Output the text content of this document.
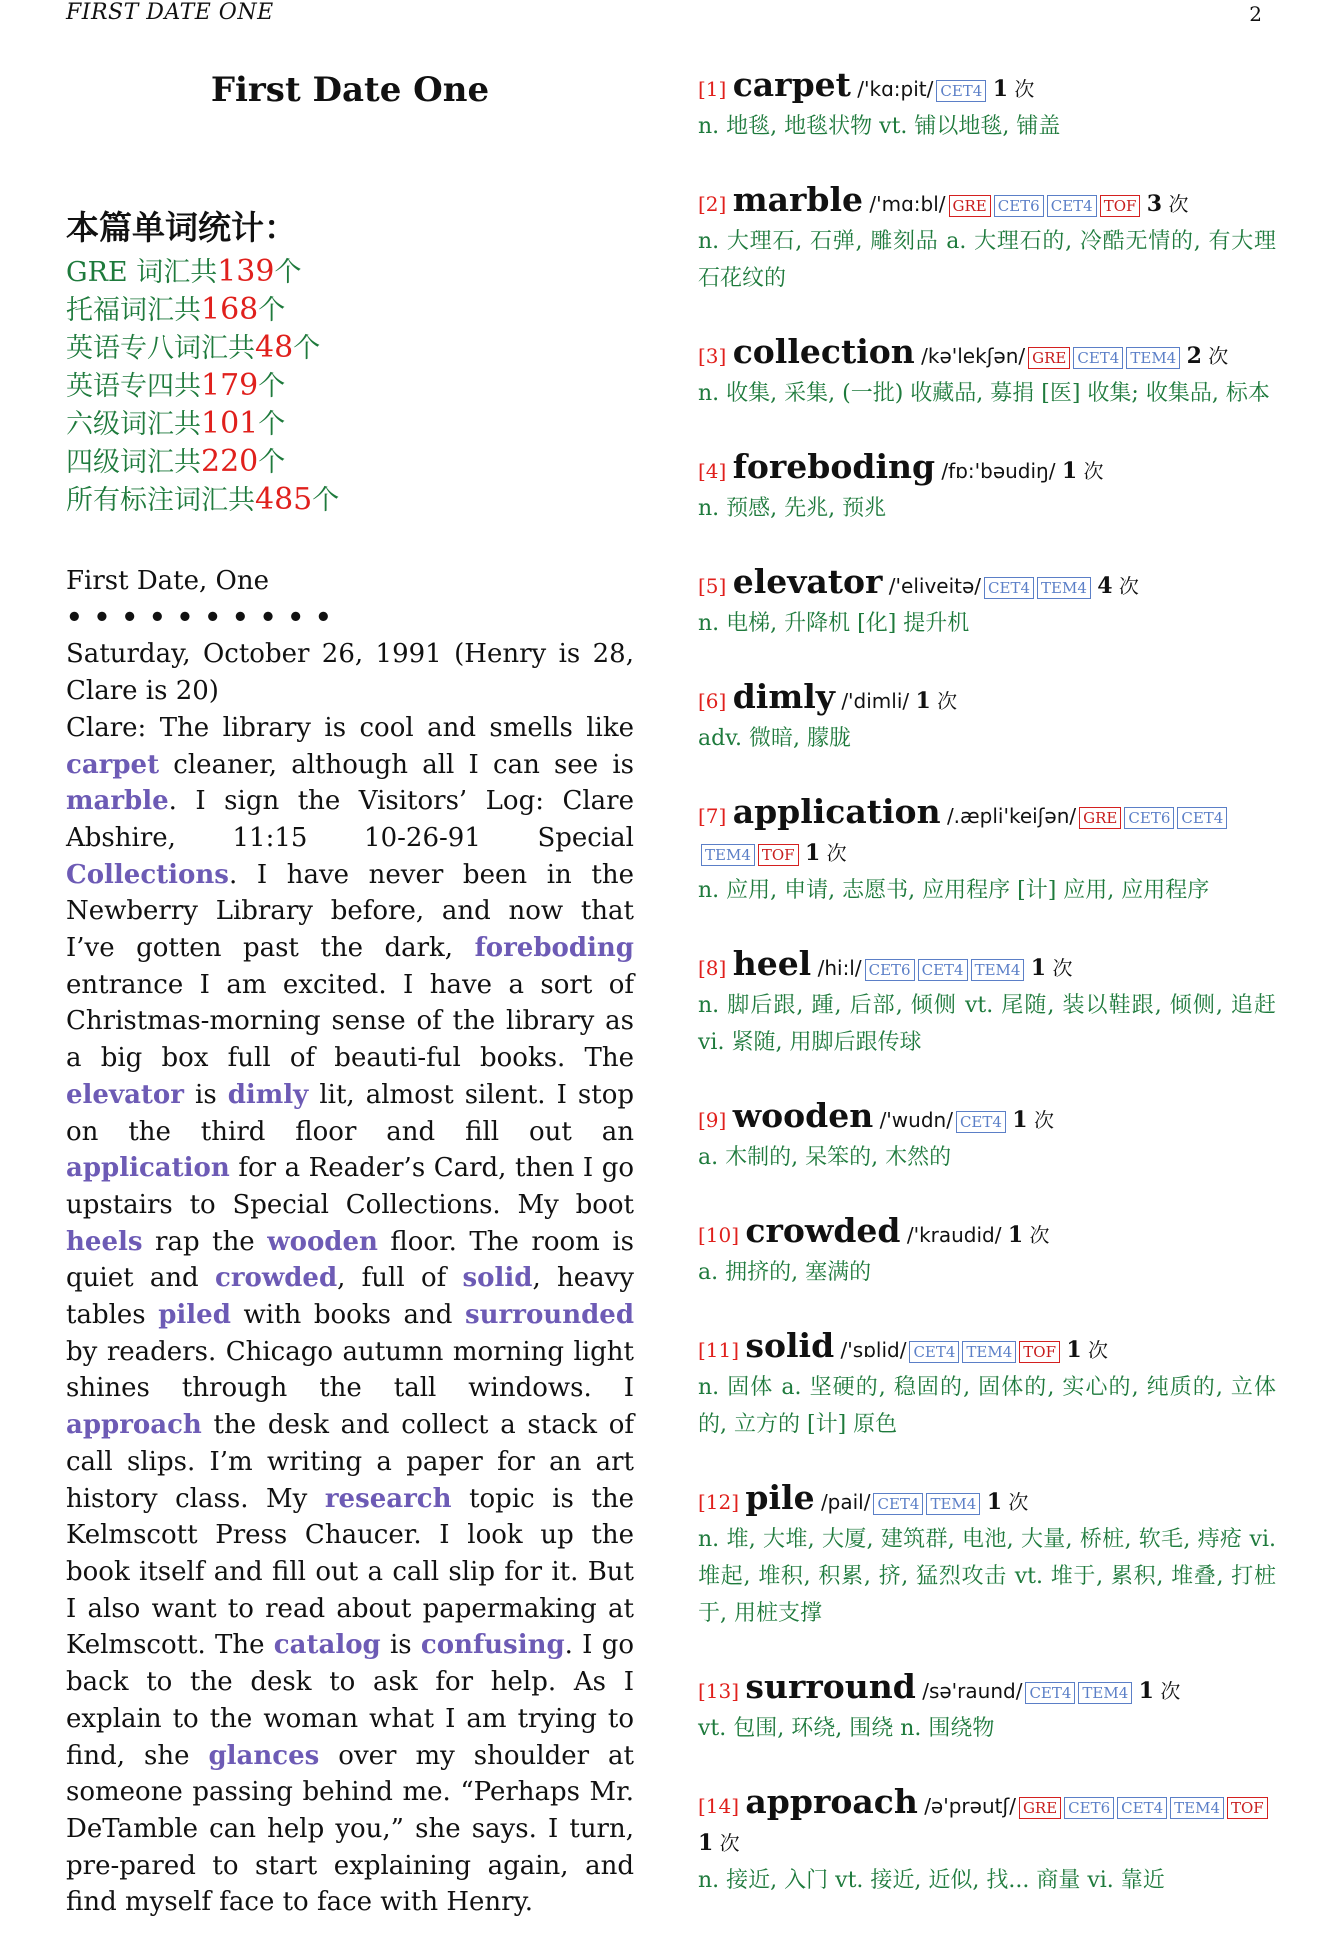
FIRST DATE ONE	2
First Date One
本篇单词统计：
GRE 词汇共139个
托福词汇共168个
英语专八词汇共48个
英语专四共179个
六级词汇共101个
四级词汇共220个
所有标注词汇共485个

First Date, One

• • • • • • • • • •

Saturday, October 26, 1991 (Henry is 28, Clare is 20)

Clare: The library is cool and smells like carpet cleaner, although all I can see is marble. I sign the Visitors’ Log: Clare Abshire, 11:15 10-26-91 Special Collections. I have never been in the Newberry Library before, and now that I’ve gotten past the dark, foreboding entrance I am excited. I have a sort of Christmas-morning sense of the library as a big box full of beauti-ful books. The elevator is dimly lit, almost silent. I stop on the third floor and fill out an application for a Reader’s Card, then I go upstairs to Special Collections. My boot heels rap the wooden floor. The room is quiet and crowded, full of solid, heavy tables piled with books and surrounded by readers. Chicago autumn morning light shines through the tall windows. I approach the desk and collect a stack of call slips. I’m writing a paper for an art history class. My research topic is the Kelmscott Press Chaucer. I look up the book itself and fill out a call slip for it. But I also want to read about papermaking at Kelmscott. The catalog is confusing. I go back to the desk to ask for help. As I explain to the woman what I am trying to find, she glances over my shoulder at someone passing behind me. “Perhaps Mr. DeTamble can help you,” she says. I turn, pre-pared to start explaining again, and find myself face to face with Henry.

[1] carpet /'kɑ:pit/ CET4 1 次
n. 地毯, 地毯状物 vt. 铺以地毯, 铺盖
[2] marble /'mɑ:bl/ GRE CET6 CET4 TOF 3 次
n. 大理石, 石弹, 雕刻品 a. 大理石的, 冷酷无情的, 有大理石花纹的
[3] collection /kə'lekʃən/ GRE CET4 TEM4 2 次
n. 收集, 采集, (一批) 收藏品, 募捐 [医] 收集; 收集品, 标本
[4] foreboding /fɒ:'bəudiŋ/ 1 次
n. 预感, 先兆, 预兆
[5] elevator /'eliveitə/ CET4 TEM4 4 次
n. 电梯, 升降机 [化] 提升机
[6] dimly /'dimli/ 1 次
adv. 微暗, 朦胧
[7] application /.æpli'keiʃən/ GRE CET6 CET4TEM4 TOF 1 次
n. 应用, 申请, 志愿书, 应用程序 [计] 应用, 应用程序
[8] heel /hi:l/ CET6 CET4 TEM4 1 次
n. 脚后跟, 踵, 后部, 倾侧 vt. 尾随, 装以鞋跟, 倾侧, 追赶 vi. 紧随, 用脚后跟传球
[9] wooden /'wudn/ CET4 1 次
a. 木制的, 呆笨的, 木然的
[10] crowded /'kraudid/ 1 次
a. 拥挤的, 塞满的
[11] solid /'sɒlid/ CET4 TEM4 TOF 1 次
n. 固体 a. 坚硬的, 稳固的, 固体的, 实心的, 纯质的, 立体的, 立方的 [计] 原色
[12] pile /pail/ CET4 TEM4 1 次
n. 堆, 大堆, 大厦, 建筑群, 电池, 大量, 桥桩, 软毛, 痔疮 vi. 堆起, 堆积, 积累, 挤, 猛烈攻击 vt. 堆于, 累积, 堆叠, 打桩于, 用桩支撑
[13] surround /sə'raund/ CET4 TEM4 1 次
vt. 包围, 环绕, 围绕 n. 围绕物
[14] approach /ə'prəutʃ/ GRE CET6 CET4 TEM4 TOF 1 次
n. 接近, 入门 vt. 接近, 近似, 找... 商量 vi. 靠近
